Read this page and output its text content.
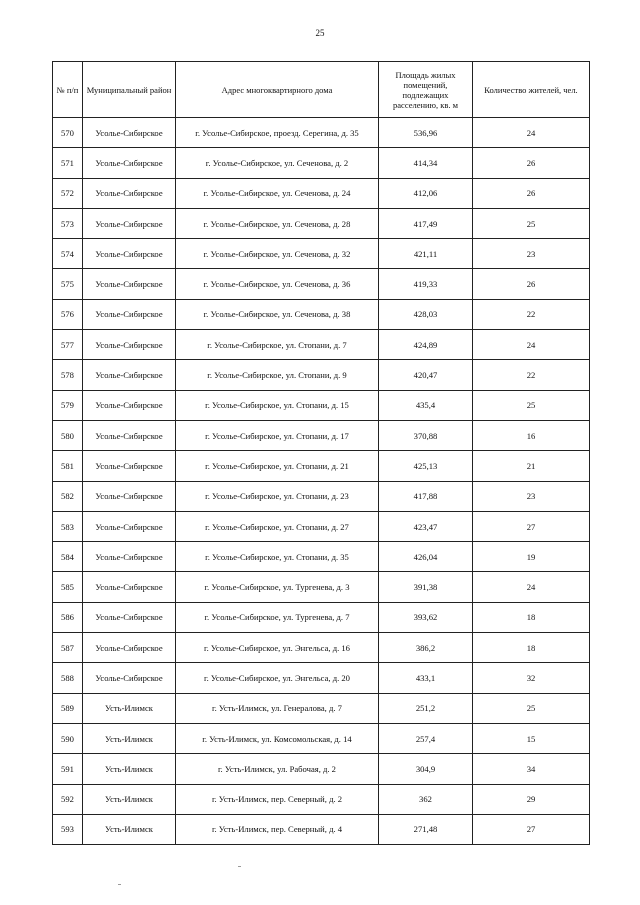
25
№ п/п	Муниципальный район	Адрес многоквартирного дома	Площадь жилых помещений, подлежащих расселению, кв. м	Количество жителей, чел.
570	Усолье-Сибирское	г. Усолье-Сибирское, проезд. Серегина, д. 35	536,96	24
571	Усолье-Сибирское	г. Усолье-Сибирское, ул. Сеченова, д. 2	414,34	26
572	Усолье-Сибирское	г. Усолье-Сибирское, ул. Сеченова, д. 24	412,06	26
573	Усолье-Сибирское	г. Усолье-Сибирское, ул. Сеченова, д. 28	417,49	25
574	Усолье-Сибирское	г. Усолье-Сибирское, ул. Сеченова, д. 32	421,11	23
575	Усолье-Сибирское	г. Усолье-Сибирское, ул. Сеченова, д. 36	419,33	26
576	Усолье-Сибирское	г. Усолье-Сибирское, ул. Сеченова, д. 38	428,03	22
577	Усолье-Сибирское	г. Усолье-Сибирское, ул. Стопани, д. 7	424,89	24
578	Усолье-Сибирское	г. Усолье-Сибирское, ул. Стопани, д. 9	420,47	22
579	Усолье-Сибирское	г. Усолье-Сибирское, ул. Стопани, д. 15	435,4	25
580	Усолье-Сибирское	г. Усолье-Сибирское, ул. Стопани, д. 17	370,88	16
581	Усолье-Сибирское	г. Усолье-Сибирское, ул. Стопани, д. 21	425,13	21
582	Усолье-Сибирское	г. Усолье-Сибирское, ул. Стопани, д. 23	417,88	23
583	Усолье-Сибирское	г. Усолье-Сибирское, ул. Стопани, д. 27	423,47	27
584	Усолье-Сибирское	г. Усолье-Сибирское, ул. Стопани, д. 35	426,04	19
585	Усолье-Сибирское	г. Усолье-Сибирское, ул. Тургенева, д. 3	391,38	24
586	Усолье-Сибирское	г. Усолье-Сибирское, ул. Тургенева, д. 7	393,62	18
587	Усолье-Сибирское	г. Усолье-Сибирское, ул. Энгельса, д. 16	386,2	18
588	Усолье-Сибирское	г. Усолье-Сибирское, ул. Энгельса, д. 20	433,1	32
589	Усть-Илимск	г. Усть-Илимск, ул. Генералова, д. 7	251,2	25
590	Усть-Илимск	г. Усть-Илимск, ул. Комсомольская, д. 14	257,4	15
591	Усть-Илимск	г. Усть-Илимск, ул. Рабочая, д. 2	304,9	34
592	Усть-Илимск	г. Усть-Илимск, пер. Северный, д. 2	362	29
593	Усть-Илимск	г. Усть-Илимск, пер. Северный, д. 4	271,48	27
